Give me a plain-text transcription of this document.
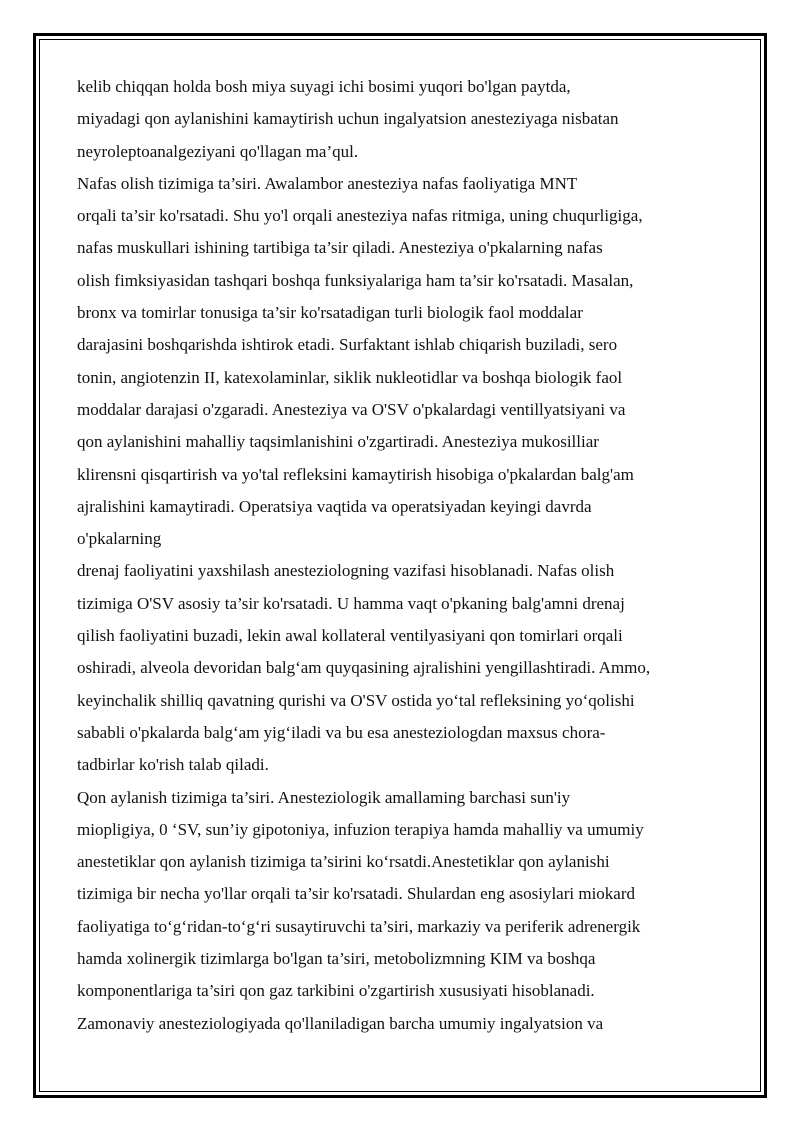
kelib chiqqan holda bosh miya suyagi ichi bosimi yuqori bo'lgan paytda,
miyadagi qon aylanishini kamaytirish uchun ingalyatsion anesteziyaga nisbatan
neyroleptoanalgeziyani qo'llagan ma’qul.
Nafas olish tizimiga ta’siri. Awalambor anesteziya nafas faoliyatiga MNT
orqali ta’sir ko'rsatadi. Shu yo'l orqali anesteziya nafas ritmiga, uning chuqurligiga,
nafas muskullari ishining tartibiga ta’sir qiladi. Anesteziya o'pkalarning nafas
olish fimksiyasidan tashqari boshqa funksiyalariga ham ta’sir ko'rsatadi. Masalan,
bronx va tomirlar tonusiga ta’sir ko'rsatadigan turli biologik faol moddalar
darajasini boshqarishda ishtirok etadi. Surfaktant ishlab chiqarish buziladi, sero
tonin, angiotenzin II, katexolaminlar, siklik nukleotidlar va boshqa biologik faol
moddalar darajasi o'zgaradi. Anesteziya va O'SV o'pkalardagi ventillyatsiyani va
qon aylanishini mahalliy taqsimlanishini o'zgartiradi. Anesteziya mukosilliar
klirensni qisqartirish va yo'tal refleksini kamaytirish hisobiga o'pkalardan balg'am
ajralishini kamaytiradi. Operatsiya vaqtida va operatsiyadan keyingi davrda
o'pkalarning
drenaj faoliyatini yaxshilash anesteziologning vazifasi hisoblanadi. Nafas olish
tizimiga O'SV asosiy ta’sir ko'rsatadi. U hamma vaqt o'pkaning balg'amni drenaj
qilish faoliyatini buzadi, lekin awal kollateral ventilyasiyani qon tomirlari orqali
oshiradi, alveola devoridan balg‘am quyqasining ajralishini yengillashtiradi. Ammo,
keyinchalik shilliq qavatning qurishi va O'SV ostida yo‘tal refleksining yo‘qolishi
sababli o'pkalarda balg‘am yig‘iladi va bu esa anesteziologdan maxsus chora-
tadbirlar ko'rish talab qiladi.
Qon aylanish tizimiga ta’siri. Anesteziologik amallaming barchasi sun'iy
miopligiya, 0 ‘SV, sun’iy gipotoniya, infuzion terapiya hamda mahalliy va umumiy
anestetiklar qon aylanish tizimiga ta’sirini ko‘rsatdi.Anestetiklar qon aylanishi
tizimiga bir necha yo'llar orqali ta’sir ko'rsatadi. Shulardan eng asosiylari miokard
faoliyatiga to‘g‘ridan-to‘g‘ri susaytiruvchi ta’siri, markaziy va periferik adrenergik
hamda xolinergik tizimlarga bo'lgan ta’siri, metobolizmning KIM va boshqa
komponentlariga ta’siri qon gaz tarkibini o'zgartirish xususiyati hisoblanadi.
Zamonaviy anesteziologiyada qo'llaniladigan barcha umumiy ingalyatsion va
